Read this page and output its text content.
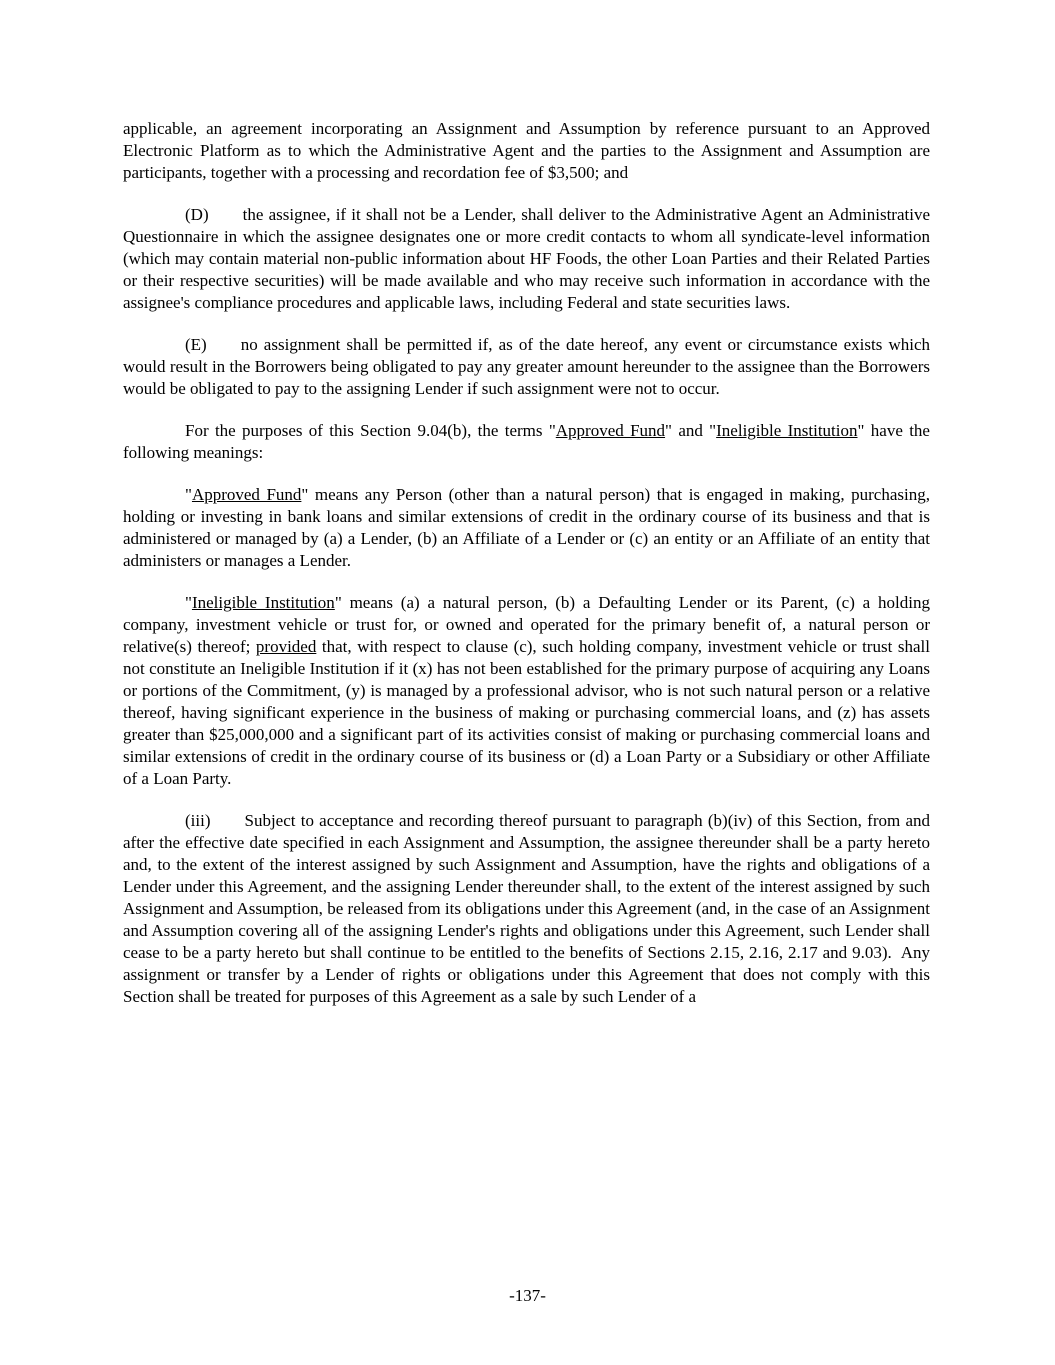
applicable, an agreement incorporating an Assignment and Assumption by reference pursuant to an Approved Electronic Platform as to which the Administrative Agent and the parties to the Assignment and Assumption are participants, together with a processing and recordation fee of $3,500; and

(D) the assignee, if it shall not be a Lender, shall deliver to the Administrative Agent an Administrative Questionnaire in which the assignee designates one or more credit contacts to whom all syndicate-level information (which may contain material non-public information about HF Foods, the other Loan Parties and their Related Parties or their respective securities) will be made available and who may receive such information in accordance with the assignee's compliance procedures and applicable laws, including Federal and state securities laws.

(E) no assignment shall be permitted if, as of the date hereof, any event or circumstance exists which would result in the Borrowers being obligated to pay any greater amount hereunder to the assignee than the Borrowers would be obligated to pay to the assigning Lender if such assignment were not to occur.

For the purposes of this Section 9.04(b), the terms "Approved Fund" and "Ineligible Institution" have the following meanings:

"Approved Fund" means any Person (other than a natural person) that is engaged in making, purchasing, holding or investing in bank loans and similar extensions of credit in the ordinary course of its business and that is administered or managed by (a) a Lender, (b) an Affiliate of a Lender or (c) an entity or an Affiliate of an entity that administers or manages a Lender.

"Ineligible Institution" means (a) a natural person, (b) a Defaulting Lender or its Parent, (c) a holding company, investment vehicle or trust for, or owned and operated for the primary benefit of, a natural person or relative(s) thereof; provided that, with respect to clause (c), such holding company, investment vehicle or trust shall not constitute an Ineligible Institution if it (x) has not been established for the primary purpose of acquiring any Loans or portions of the Commitment, (y) is managed by a professional advisor, who is not such natural person or a relative thereof, having significant experience in the business of making or purchasing commercial loans, and (z) has assets greater than $25,000,000 and a significant part of its activities consist of making or purchasing commercial loans and similar extensions of credit in the ordinary course of its business or (d) a Loan Party or a Subsidiary or other Affiliate of a Loan Party.

(iii) Subject to acceptance and recording thereof pursuant to paragraph (b)(iv) of this Section, from and after the effective date specified in each Assignment and Assumption, the assignee thereunder shall be a party hereto and, to the extent of the interest assigned by such Assignment and Assumption, have the rights and obligations of a Lender under this Agreement, and the assigning Lender thereunder shall, to the extent of the interest assigned by such Assignment and Assumption, be released from its obligations under this Agreement (and, in the case of an Assignment and Assumption covering all of the assigning Lender's rights and obligations under this Agreement, such Lender shall cease to be a party hereto but shall continue to be entitled to the benefits of Sections 2.15, 2.16, 2.17 and 9.03).  Any assignment or transfer by a Lender of rights or obligations under this Agreement that does not comply with this Section shall be treated for purposes of this Agreement as a sale by such Lender of a

-137-
